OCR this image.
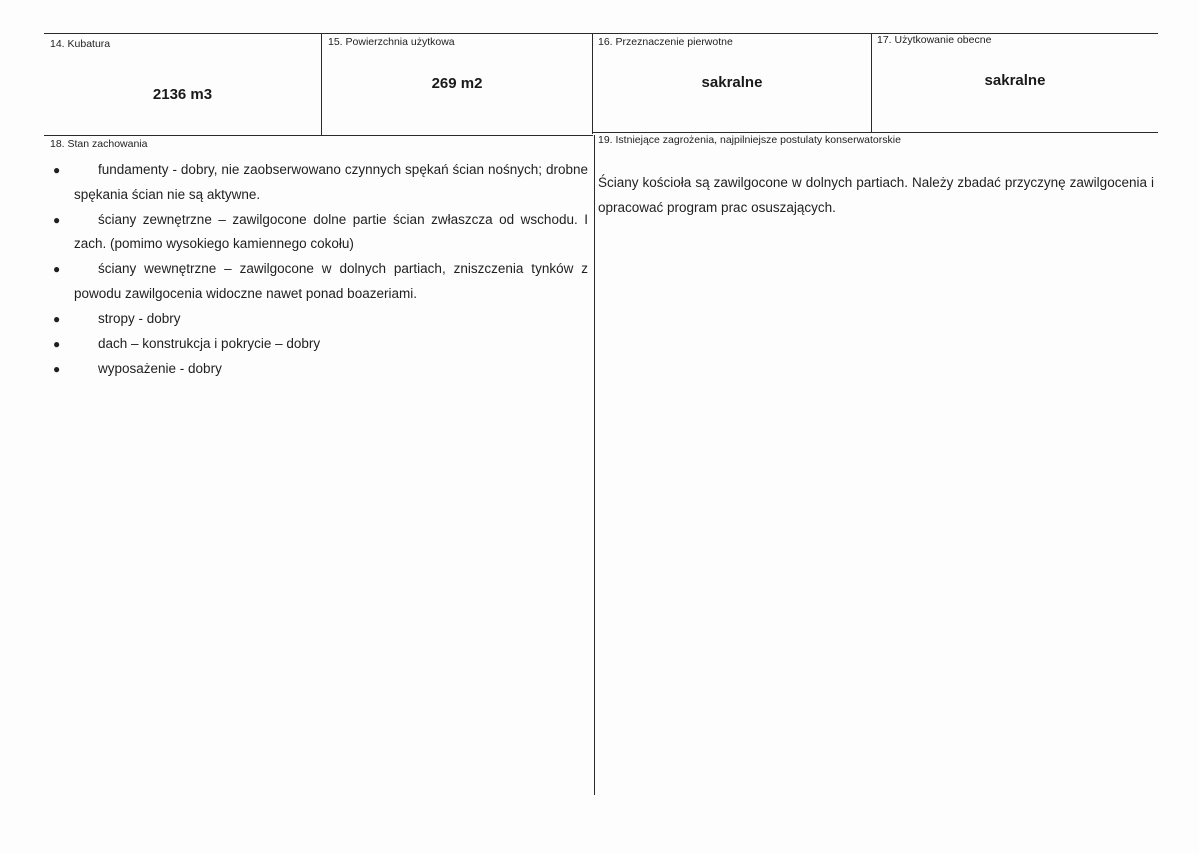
14. Kubatura
2136 m3
15. Powierzchnia użytkowa
269 m2
16. Przeznaczenie pierwotne
sakralne
17. Użytkowanie obecne
sakralne
18. Stan zachowania
●	fundamenty - dobry, nie zaobserwowano czynnych spękań ścian nośnych; drobne spękania ścian nie są aktywne.
●	ściany zewnętrzne – zawilgocone dolne partie ścian zwłaszcza od wschodu. I zach. (pomimo wysokiego kamiennego cokołu)
●	ściany wewnętrzne – zawilgocone w dolnych partiach, zniszczenia tynków z powodu zawilgocenia widoczne nawet ponad boazeriami.
●	stropy - dobry
●	dach – konstrukcja i pokrycie – dobry
●	wyposażenie - dobry
19. Istniejące zagrożenia, najpilniejsze postulaty konserwatorskie
Ściany kościoła są zawilgocone w dolnych partiach. Należy zbadać przyczynę zawilgocenia i opracować program prac osuszających.
